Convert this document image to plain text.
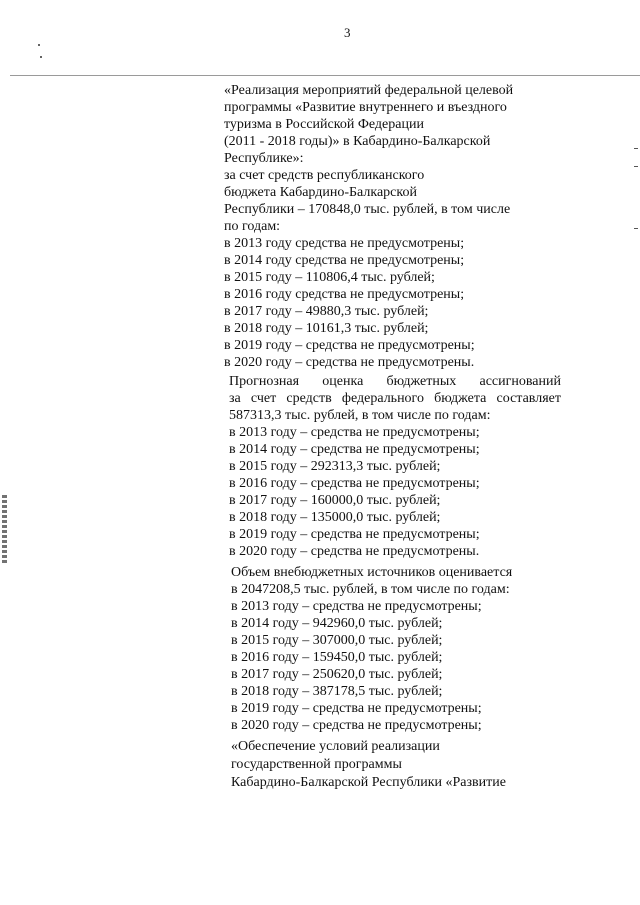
3
«Реализация мероприятий федеральной целевой
программы «Развитие внутреннего и въездного
туризма в Российской Федерации
(2011 - 2018 годы)» в Кабардино-Балкарской
Республике»:
за счет средств республиканского
бюджета Кабардино-Балкарской
Республики – 170848,0 тыс. рублей, в том числе
по годам:
в 2013 году средства не предусмотрены;
в 2014 году средства не предусмотрены;
в 2015 году – 110806,4 тыс. рублей;
в 2016 году средства не предусмотрены;
в 2017 году – 49880,3 тыс. рублей;
в 2018 году – 10161,3 тыс. рублей;
в 2019 году – средства не предусмотрены;
в 2020 году – средства не предусмотрены.
Прогнозная оценка бюджетных ассигнований
за счет средств федерального бюджета составляет
587313,3 тыс. рублей, в том числе по годам:
в 2013 году – средства не предусмотрены;
в 2014 году – средства не предусмотрены;
в 2015 году – 292313,3 тыс. рублей;
в 2016 году – средства не предусмотрены;
в 2017 году – 160000,0 тыс. рублей;
в 2018 году – 135000,0 тыс. рублей;
в 2019 году – средства не предусмотрены;
в 2020 году – средства не предусмотрены.
Объем внебюджетных источников оценивается
в 2047208,5 тыс. рублей, в том числе по годам:
в 2013 году – средства не предусмотрены;
в 2014 году – 942960,0 тыс. рублей;
в 2015 году – 307000,0 тыс. рублей;
в 2016 году – 159450,0 тыс. рублей;
в 2017 году – 250620,0 тыс. рублей;
в 2018 году – 387178,5 тыс. рублей;
в 2019 году – средства не предусмотрены;
в 2020 году – средства не предусмотрены;
«Обеспечение условий реализации
государственной программы
Кабардино-Балкарской Республики «Развитие
